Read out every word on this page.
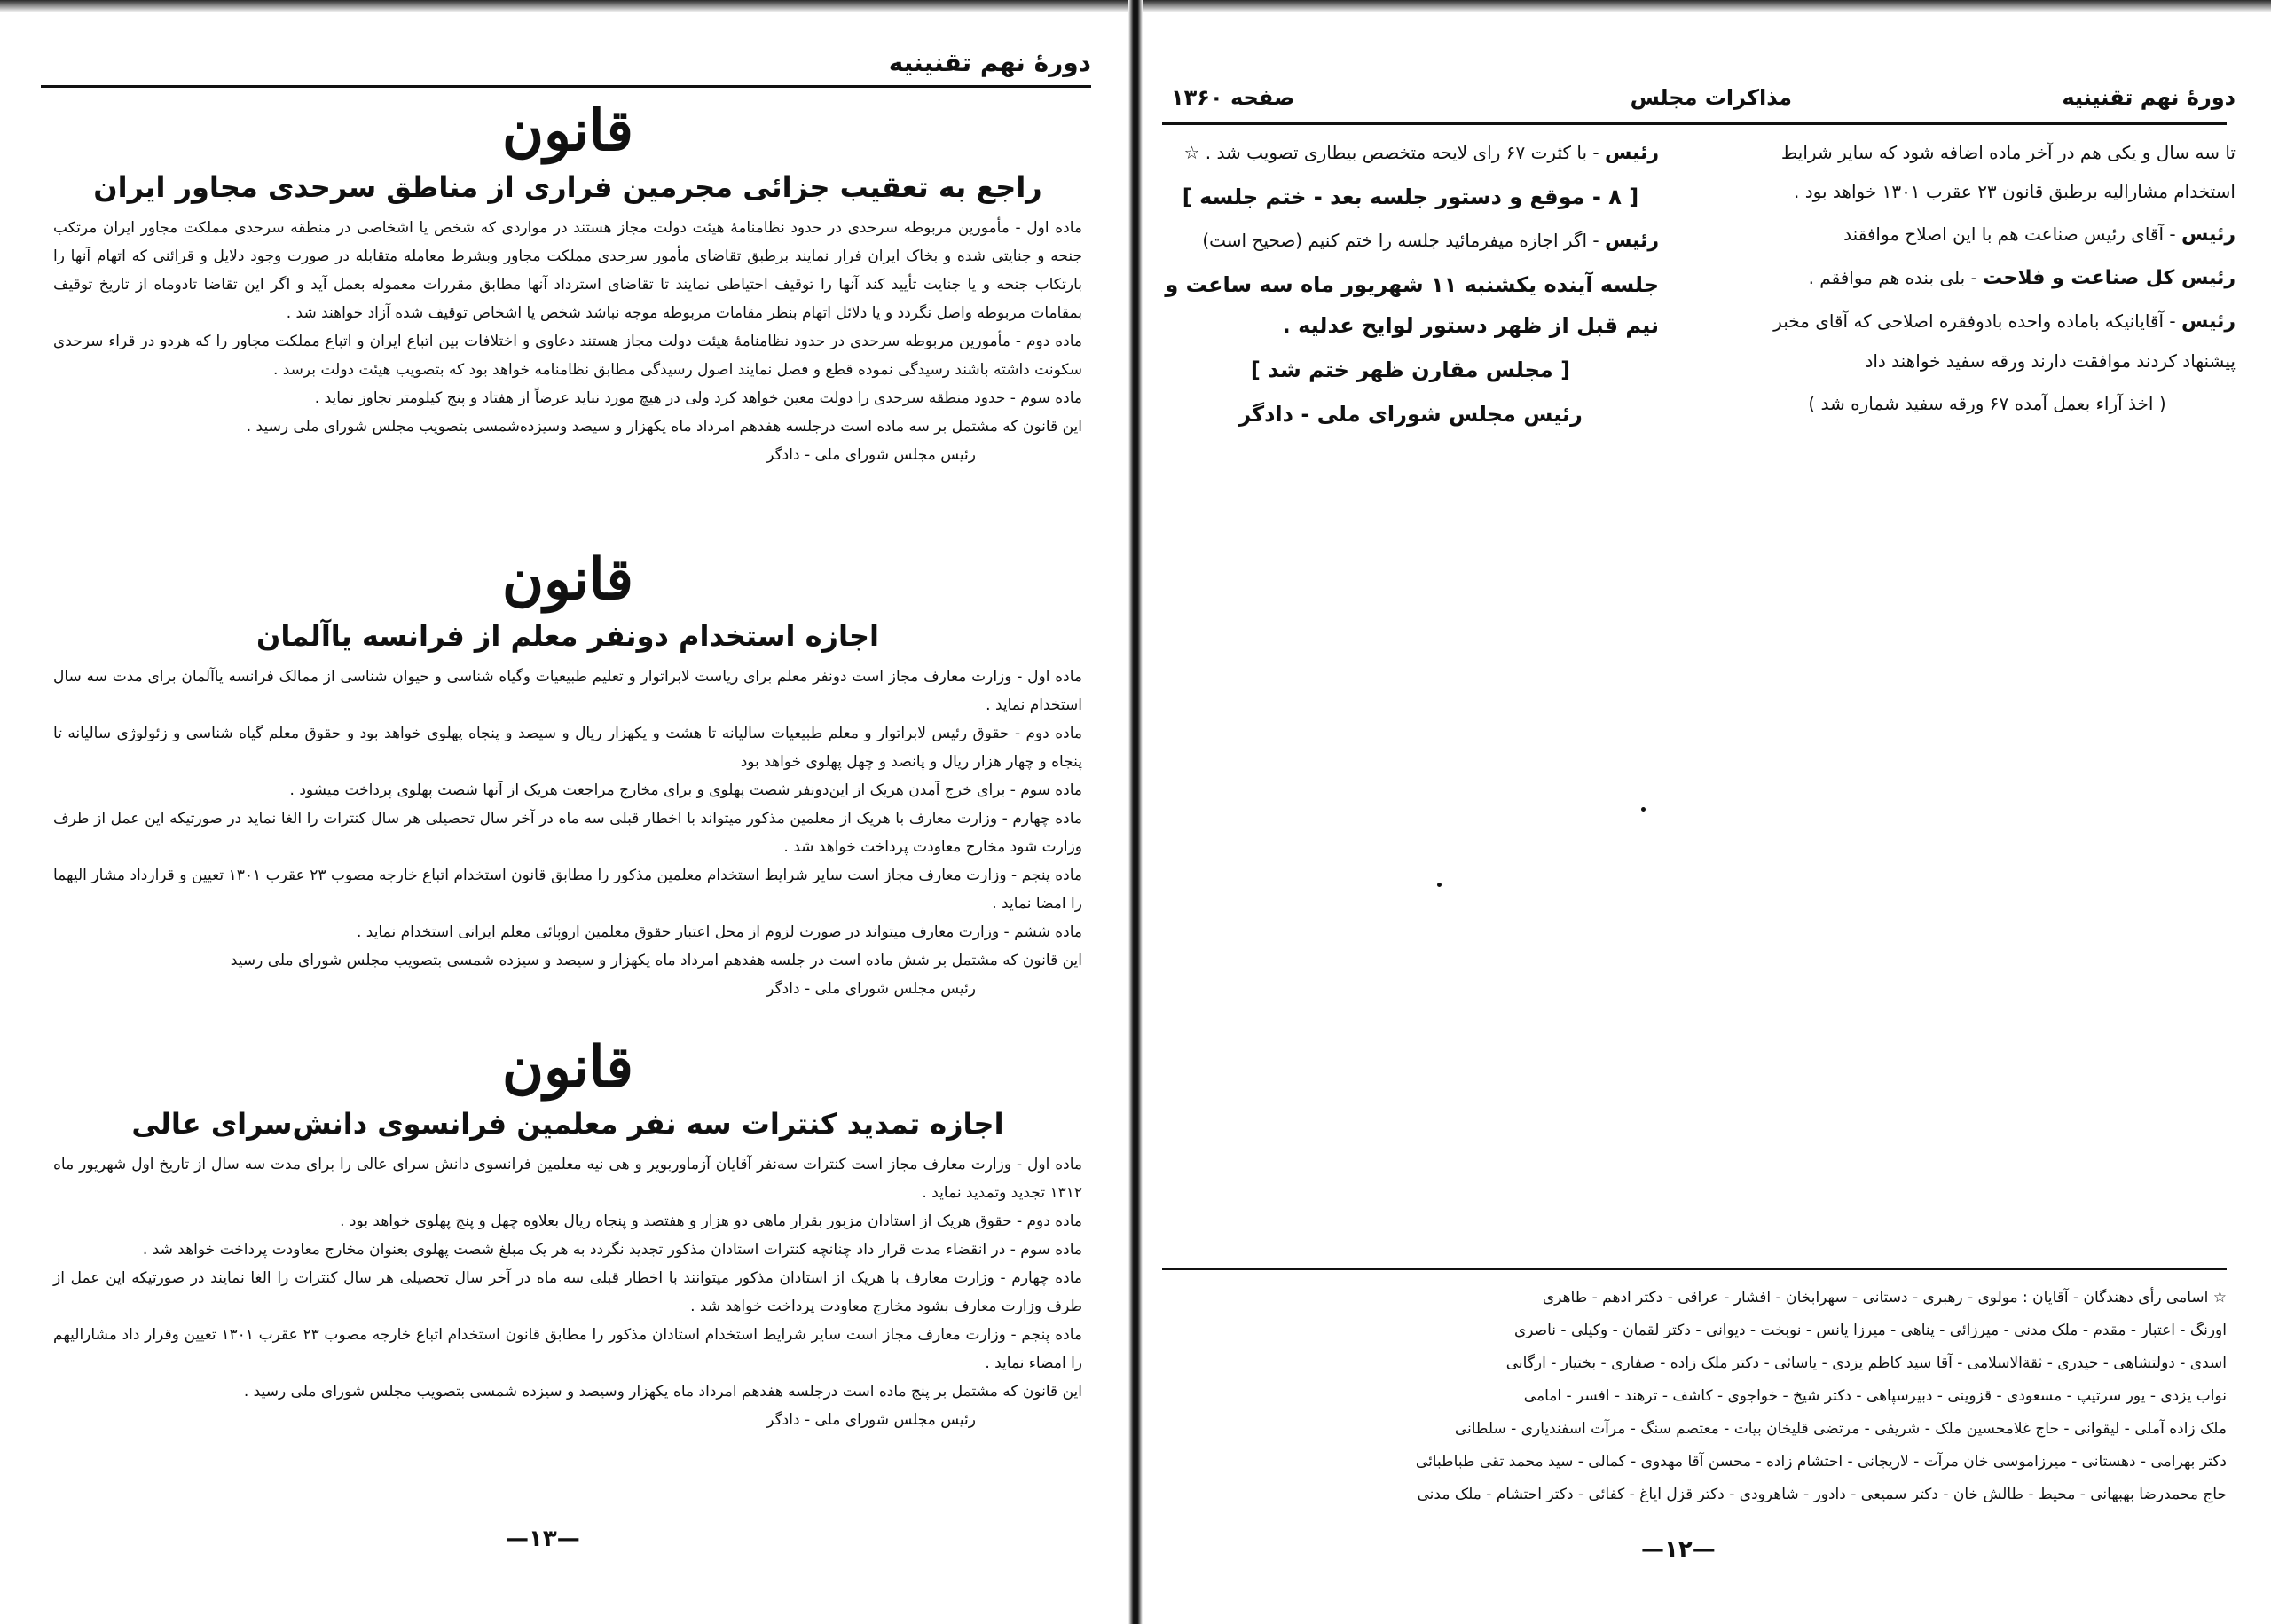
دورهٔ نهم تقنینیه
قانون
راجع به تعقیب جزائی مجرمین فراری از مناطق سرحدی مجاور ایران

ماده اول - مأمورین مربوطه سرحدی در حدود نظامنامهٔ هیئت دولت مجاز هستند در مواردی که شخص یا اشخاصی در منطقه سرحدی مملکت مجاور ایران مرتکب جنحه و جنایتی شده و بخاک ایران فرار نمایند برطبق تقاضای مأمور سرحدی مملکت مجاور وبشرط معامله متقابله در صورت وجود دلایل و قرائنی که اتهام آنها را بارتکاب جنحه و یا جنایت تأیید کند آنها را توقیف احتیاطی نمایند تا تقاضای استرداد آنها مطابق مقررات معموله بعمل آید و اگر این تقاضا تادوماه از تاریخ توقیف بمقامات مربوطه واصل نگردد و یا دلائل اتهام بنظر مقامات مربوطه موجه نباشد شخص یا اشخاص توقیف شده آزاد خواهند شد .

ماده دوم - مأمورین مربوطه سرحدی در حدود نظامنامهٔ هیئت دولت مجاز هستند دعاوی و اختلافات بین اتباع ایران و اتباع مملکت مجاور را که هردو در قراء سرحدی سکونت داشته باشند رسیدگی نموده قطع و فصل نمایند اصول رسیدگی مطابق نظامنامه خواهد بود که بتصویب هیئت دولت برسد .

ماده سوم - حدود منطقه سرحدی را دولت معین خواهد کرد ولی در هیچ مورد نباید عرضاً از هفتاد و پنج کیلومتر تجاوز نماید .

این قانون که مشتمل بر سه ماده است درجلسه هفدهم امرداد ماه یکهزار و سیصد وسیزده‌شمسی بتصویب مجلس شورای ملی رسید .

رئیس مجلس شورای ملی - دادگر

قانون
اجازه استخدام دونفر معلم از فرانسه یاآلمان

ماده اول - وزارت معارف مجاز است دونفر معلم برای ریاست لابراتوار و تعلیم طبیعیات وگیاه شناسی و حیوان شناسی از ممالک فرانسه یاآلمان برای مدت سه سال استخدام نماید .

ماده دوم - حقوق رئیس لابراتوار و معلم طبیعیات سالیانه تا هشت و یکهزار ریال و سیصد و پنجاه پهلوی خواهد بود و حقوق معلم گیاه شناسی و زئولوژی سالیانه تا پنجاه و چهار هزار ریال و پانصد و چهل پهلوی خواهد بود

ماده سوم - برای خرج آمدن هریک از این‌دونفر شصت پهلوی و برای مخارج مراجعت هریک از آنها شصت پهلوی پرداخت میشود .

ماده چهارم - وزارت معارف با هریک از معلمین مذکور میتواند با اخطار قبلی سه ماه در آخر سال تحصیلی هر سال کنترات را الغا نماید در صورتیکه این عمل از طرف وزارت شود مخارج معاودت پرداخت خواهد شد .

ماده پنجم - وزارت معارف مجاز است سایر شرایط استخدام معلمین مذکور را مطابق قانون استخدام اتباع خارجه مصوب ۲۳ عقرب ۱۳۰۱ تعیین و قرارداد مشار الیهما را امضا نماید .

ماده ششم - وزارت معارف میتواند در صورت لزوم از محل اعتبار حقوق معلمین اروپائی معلم ایرانی استخدام نماید .

این قانون که مشتمل بر شش ماده است در جلسه هفدهم امرداد ماه یکهزار و سیصد و سیزده شمسی بتصویب مجلس شورای ملی رسید

رئیس مجلس شورای ملی - دادگر

قانون
اجازه تمدید کنترات سه نفر معلمین فرانسوی دانش‌سرای عالی

ماده اول - وزارت معارف مجاز است کنترات سه‌نفر آقایان آزماوربویر و هی نیه معلمین فرانسوی دانش سرای عالی را برای مدت سه سال از تاریخ اول شهریور ماه ۱۳۱۲ تجدید وتمدید نماید .

ماده دوم - حقوق هریک از استادان مزبور بقرار ماهی دو هزار و هفتصد و پنجاه ریال بعلاوه چهل و پنج پهلوی خواهد بود .

ماده سوم - در انقضاء مدت قرار داد چنانچه کنترات استادان مذکور تجدید نگردد به هر یک مبلغ شصت پهلوی بعنوان مخارج معاودت پرداخت خواهد شد .

ماده چهارم - وزارت معارف با هریک از استادان مذکور میتوانند با اخطار قبلی سه ماه در آخر سال تحصیلی هر سال کنترات را الغا نمایند در صورتیکه این عمل از طرف وزارت معارف بشود مخارج معاودت پرداخت خواهد شد .

ماده پنجم - وزارت معارف مجاز است سایر شرایط استخدام استادان مذکور را مطابق قانون استخدام اتباع خارجه مصوب ۲۳ عقرب ۱۳۰۱ تعیین وقرار داد مشارالیهم را امضاء نماید .

این قانون که مشتمل بر پنج ماده است درجلسه هفدهم امرداد ماه یکهزار وسیصد و سیزده شمسی بتصویب مجلس شورای ملی رسید .

رئیس مجلس شورای ملی - دادگر

—۱۳—
دورهٔ نهم تقنینیه
مذاکرات مجلس
صفحه ۱۳۶۰

تا سه سال و یکی هم در آخر ماده اضافه شود که سایر شرایط استخدام مشارالیه برطبق قانون ۲۳ عقرب ۱۳۰۱ خواهد بود .

رئیس - آقای رئیس صناعت هم با این اصلاح موافقند

رئیس کل صناعت و فلاحت - بلی بنده هم موافقم .

رئیس - آقایانیکه باماده واحده بادوفقره اصلاحی که آقای مخبر پیشنهاد کردند موافقت دارند ورقه سفید خواهند داد

( اخذ آراء بعمل آمده ۶۷ ورقه سفید شماره شد )

رئیس - با کثرت ۶۷ رای لایحه متخصص بیطاری تصویب شد . ☆

[ ۸ - موقع و دستور جلسه بعد - ختم جلسه ]

رئیس - اگر اجازه میفرمائید جلسه را ختم کنیم (صحیح است)

جلسه آینده یکشنبه ۱۱ شهریور ماه سه ساعت و نیم قبل از ظهر دستور لوایح عدلیه .

[ مجلس مقارن ظهر ختم شد ]

رئیس مجلس شورای ملی - دادگر

☆ اسامی رأی دهندگان - آقایان : مولوی - رهبری - دستانی - سهرابخان - افشار - عراقی - دکتر ادهم - طاهری

اورنگ - اعتبار - مقدم - ملک مدنی - میرزائی - پناهی - میرزا یانس - نوبخت - دیوانی - دکتر لقمان - وکیلی - ناصری

اسدی - دولتشاهی - حیدری - ثقةالاسلامی - آقا سید کاظم یزدی - یاسائی - دکتر ملک زاده - صفاری - بختیار - ارگانی

نواب یزدی - یور سرتیپ - مسعودی - قزوینی - دبیرسپاهی - دکتر شیخ - خواجوی - کاشف - ترهند - افسر - امامی

ملک زاده آملی - لیقوانی - حاج غلامحسین ملک - شریفی - مرتضی قلیخان بیات - معتصم سنگ - مرآت اسفندیاری - سلطانی

دکتر بهرامی - دهستانی - میرزاموسی خان مرآت - لاریجانی - احتشام زاده - محسن آقا مهدوی - کمالی - سید محمد تقی طباطبائی

حاج محمدرضا بهبهانی - محیط - طالش خان - دکتر سمیعی - دادور - شاهرودی - دکتر قزل ایاغ - کفائی - دکتر احتشام - ملک مدنی

—۱۲—
